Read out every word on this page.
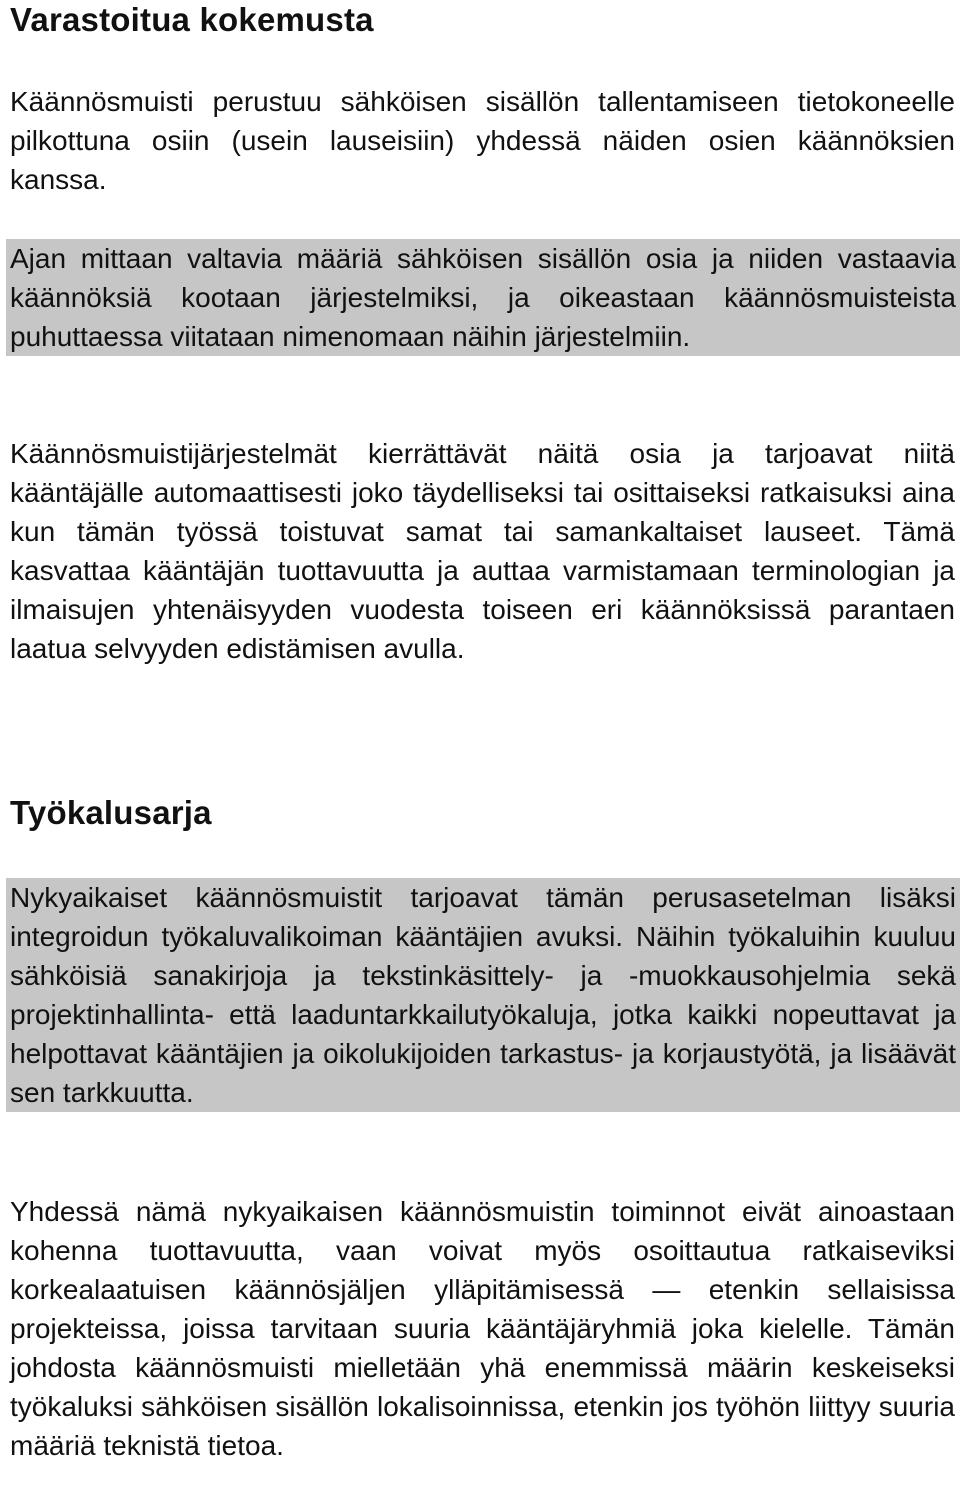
Varastoitua kokemusta

Käännösmuisti perustuu sähköisen sisällön tallentamiseen tietokoneelle pilkottuna osiin (usein lauseisiin) yhdessä näiden osien käännöksien kanssa.

Ajan mittaan valtavia määriä sähköisen sisällön osia ja niiden vastaavia käännöksiä kootaan järjestelmiksi, ja oikeastaan käännösmuisteista puhuttaessa viitataan nimenomaan näihin järjestelmiin.

Käännösmuistijärjestelmät kierrättävät näitä osia ja tarjoavat niitä kääntäjälle automaattisesti joko täydelliseksi tai osittaiseksi ratkaisuksi aina kun tämän työssä toistuvat samat tai samankaltaiset lauseet. Tämä kasvattaa kääntäjän tuottavuutta ja auttaa varmistamaan terminologian ja ilmaisujen yhtenäisyyden vuodesta toiseen eri käännöksissä parantaen laatua selvyyden edistämisen avulla.

Työkalusarja

Nykyaikaiset käännösmuistit tarjoavat tämän perusasetelman lisäksi integroidun työkaluvalikoiman kääntäjien avuksi. Näihin työkaluihin kuuluu sähköisiä sanakirjoja ja tekstinkäsittely- ja -muokkausohjelmia sekä projektinhallinta- että laaduntarkkailutyökaluja, jotka kaikki nopeuttavat ja helpottavat kääntäjien ja oikolukijoiden tarkastus- ja korjaustyötä, ja lisäävät sen tarkkuutta.

Yhdessä nämä nykyaikaisen käännösmuistin toiminnot eivät ainoastaan kohenna tuottavuutta, vaan voivat myös osoittautua ratkaiseviksi korkealaatuisen käännösjäljen ylläpitämisessä — etenkin sellaisissa projekteissa, joissa tarvitaan suuria kääntäjäryhmiä joka kielelle. Tämän johdosta käännösmuisti mielletään yhä enemmissä määrin keskeiseksi työkaluksi sähköisen sisällön lokalisoinnissa, etenkin jos työhön liittyy suuria määriä teknistä tietoa.
